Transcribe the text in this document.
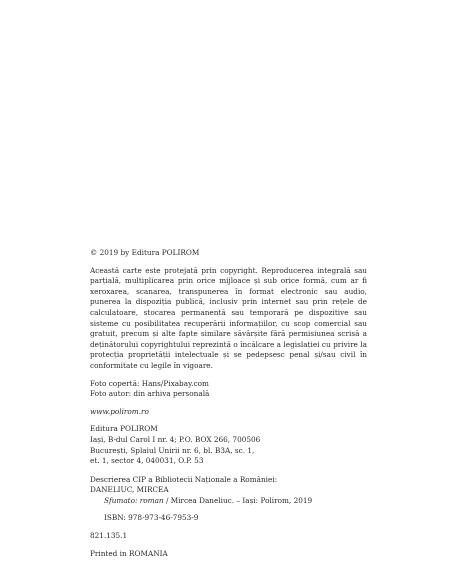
© 2019 by Editura POLIROM

Această carte este protejată prin copyright. Reproducerea integrală sau parțială, multiplicarea prin orice mijloace și sub orice formă, cum ar fi xeroxarea, scanarea, transpunerea în format electronic sau audio, punerea la dispoziția publică, inclusiv prin internet sau prin rețele de calculatoare, stocarea permanentă sau temporară pe dispozitive sau sisteme cu posibilitatea recuperării informațiilor, cu scop comercial sau gratuit, precum și alte fapte similare săvârșite fără permisiunea scrisă a deținătorului copyrightului reprezintă o încălcare a legislației cu privire la protecția proprietății intelectuale și se pedepsesc penal și/sau civil în conformitate cu legile în vigoare.

Foto copertă: Hans/Pixabay.com
Foto autor: din arhiva personală
www.polirom.ro
Editura POLIROM
Iași, B-dul Carol I nr. 4; P.O. BOX 266, 700506
București, Splaiul Unirii nr. 6, bl. B3A, sc. 1,
et. 1, sector 4, 040031, O.P. 53
Descrierea CIP a Bibliotecii Naționale a României:
DANELIUC, MIRCEA
Sfumato: roman / Mircea Daneliuc. – Iași: Polirom, 2019
ISBN: 978-973-46-7953-9
821.135.1
Printed in ROMANIA
